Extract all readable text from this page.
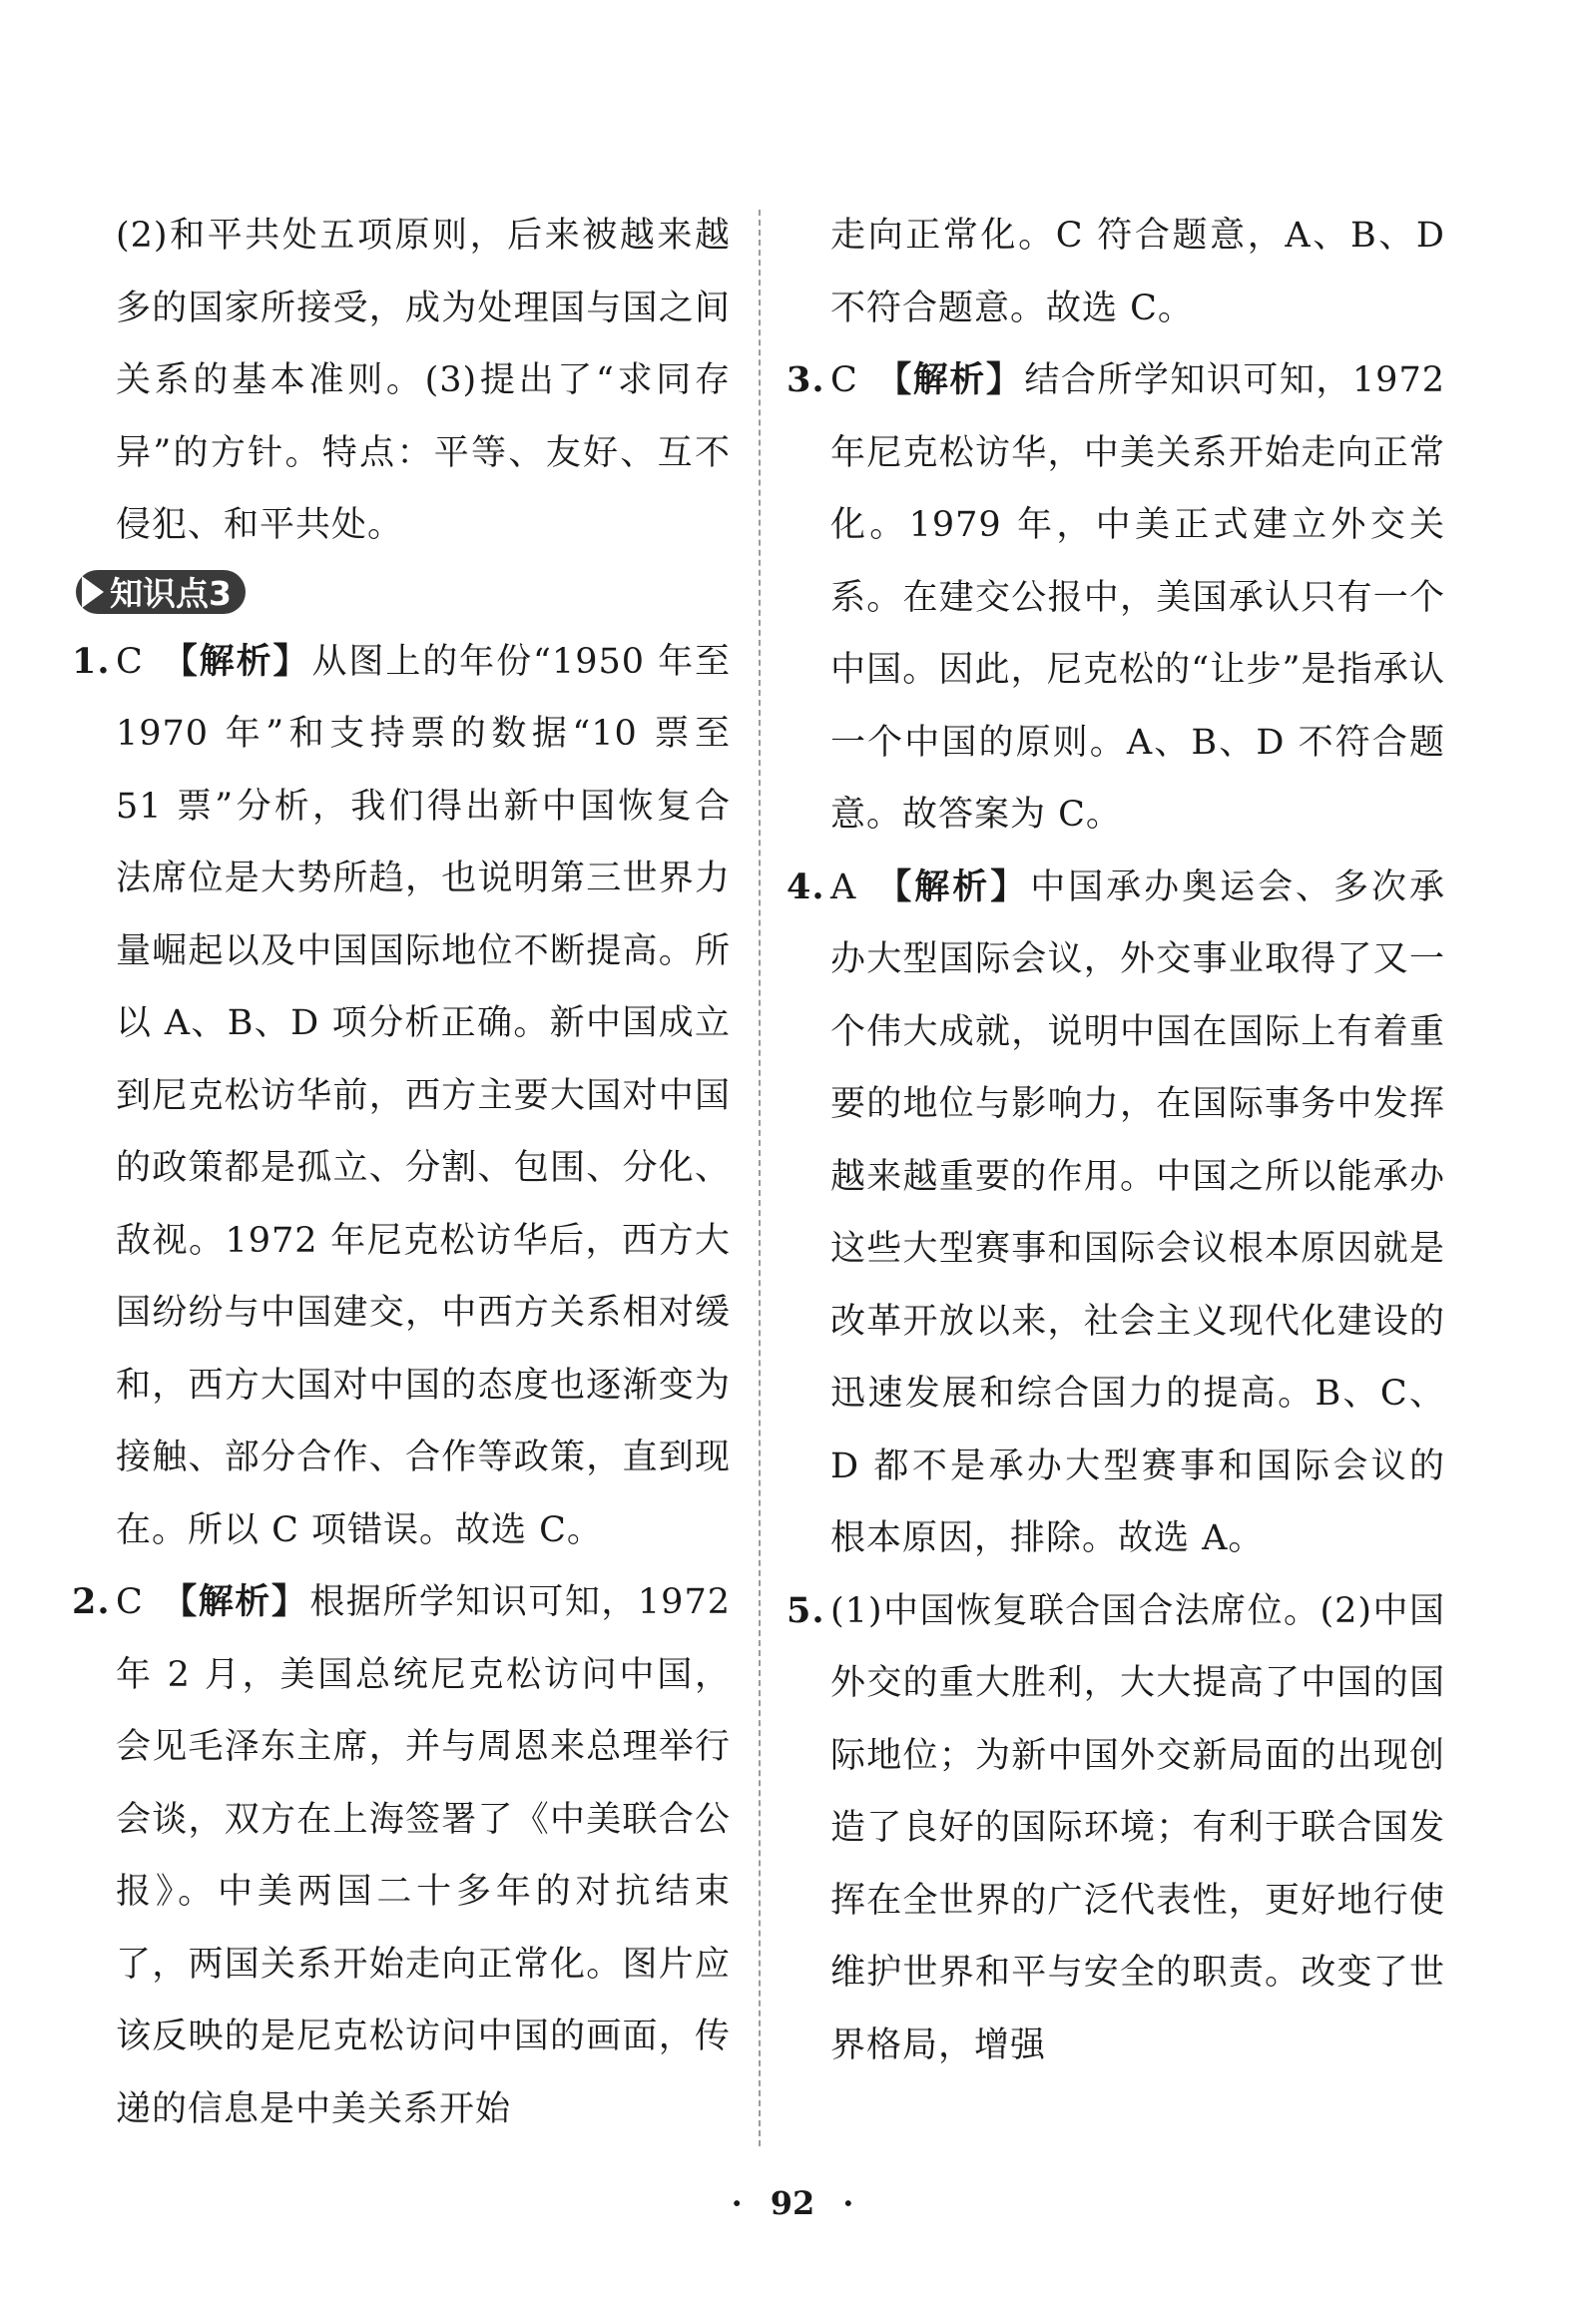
(2)和平共处五项原则，后来被越来越多的国家所接受，成为处理国与国之间关系的基本准则。(3)提出了“求同存异”的方针。特点：平等、友好、互不侵犯、和平共处。
知识点3
1. C 【解析】从图上的年份“1950 年至 1970 年”和支持票的数据“10 票至 51 票”分析，我们得出新中国恢复合法席位是大势所趋，也说明第三世界力量崛起以及中国国际地位不断提高。所以 A、B、D 项分析正确。新中国成立到尼克松访华前，西方主要大国对中国的政策都是孤立、分割、包围、分化、敌视。1972 年尼克松访华后，西方大国纷纷与中国建交，中西方关系相对缓和，西方大国对中国的态度也逐渐变为接触、部分合作、合作等政策，直到现在。所以 C 项错误。故选 C。
2. C 【解析】根据所学知识可知，1972 年 2 月，美国总统尼克松访问中国，会见毛泽东主席，并与周恩来总理举行会谈，双方在上海签署了《中美联合公报》。中美两国二十多年的对抗结束了，两国关系开始走向正常化。图片应该反映的是尼克松访问中国的画面，传递的信息是中美关系开始
走向正常化。C 符合题意，A、B、D 不符合题意。故选 C。
3. C 【解析】结合所学知识可知，1972 年尼克松访华，中美关系开始走向正常化。1979 年，中美正式建立外交关系。在建交公报中，美国承认只有一个中国。因此，尼克松的“让步”是指承认一个中国的原则。A、B、D 不符合题意。故答案为 C。
4. A 【解析】中国承办奥运会、多次承办大型国际会议，外交事业取得了又一个伟大成就，说明中国在国际上有着重要的地位与影响力，在国际事务中发挥越来越重要的作用。中国之所以能承办这些大型赛事和国际会议根本原因就是改革开放以来，社会主义现代化建设的迅速发展和综合国力的提高。B、C、D 都不是承办大型赛事和国际会议的根本原因，排除。故选 A。
5. (1)中国恢复联合国合法席位。(2)中国外交的重大胜利，大大提高了中国的国际地位；为新中国外交新局面的出现创造了良好的国际环境；有利于联合国发挥在全世界的广泛代表性，更好地行使维护世界和平与安全的职责。改变了世界格局，增强
· 92 ·
